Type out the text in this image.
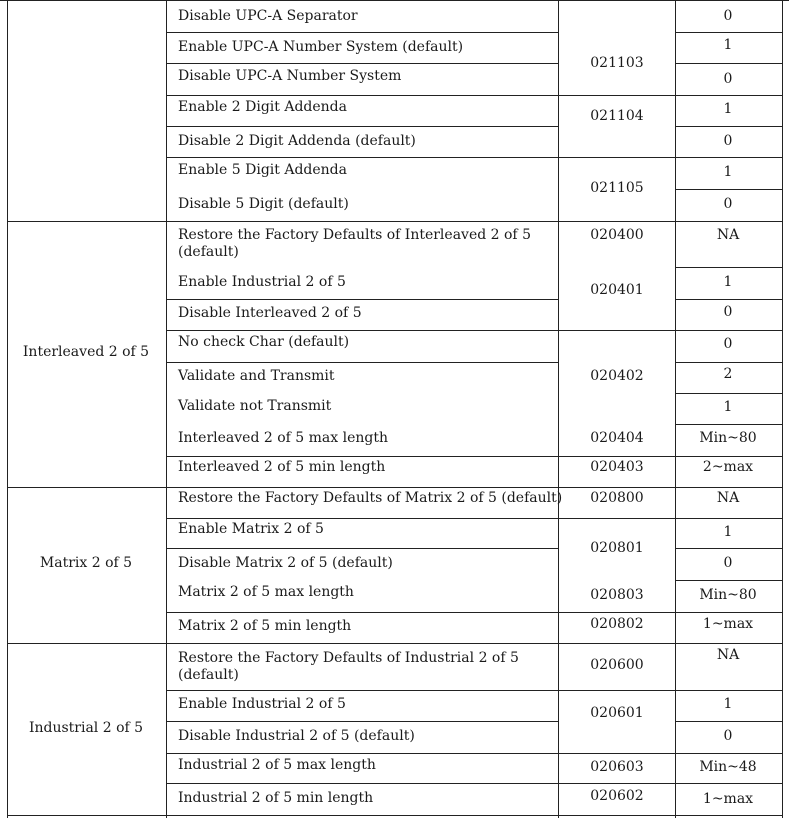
Interleaved 2 of 5
Matrix 2 of 5
Industrial 2 of 5
Disable UPC-A Separator
Enable UPC-A Number System (default)
Disable UPC-A Number System
Enable 2 Digit Addenda
Disable 2 Digit Addenda (default)
Enable 5 Digit Addenda
Disable 5 Digit (default)
Restore the Factory Defaults of Interleaved 2 of 5 (default)
Enable Industrial 2 of 5
Disable Interleaved 2 of 5
No check Char (default)
Validate and Transmit
Validate not Transmit
Interleaved 2 of 5 max length
Interleaved 2 of 5 min length
Restore the Factory Defaults of Matrix 2 of 5 (default)
Enable Matrix 2 of 5
Disable Matrix 2 of 5 (default)
Matrix 2 of 5 max length
Matrix 2 of 5 min length
Restore the Factory Defaults of Industrial 2 of 5 (default)
Enable Industrial 2 of 5
Disable Industrial 2 of 5 (default)
Industrial 2 of 5 max length
Industrial 2 of 5 min length
021103
021104
021105
020400
020401
020402
020404
020403
020800
020801
020803
020802
020600
020601
020603
020602
0
1
0
1
0
1
0
NA
1
0
0
2
1
Min~80
2~max
NA
1
0
Min~80
1~max
NA
1
0
Min~48
1~max
